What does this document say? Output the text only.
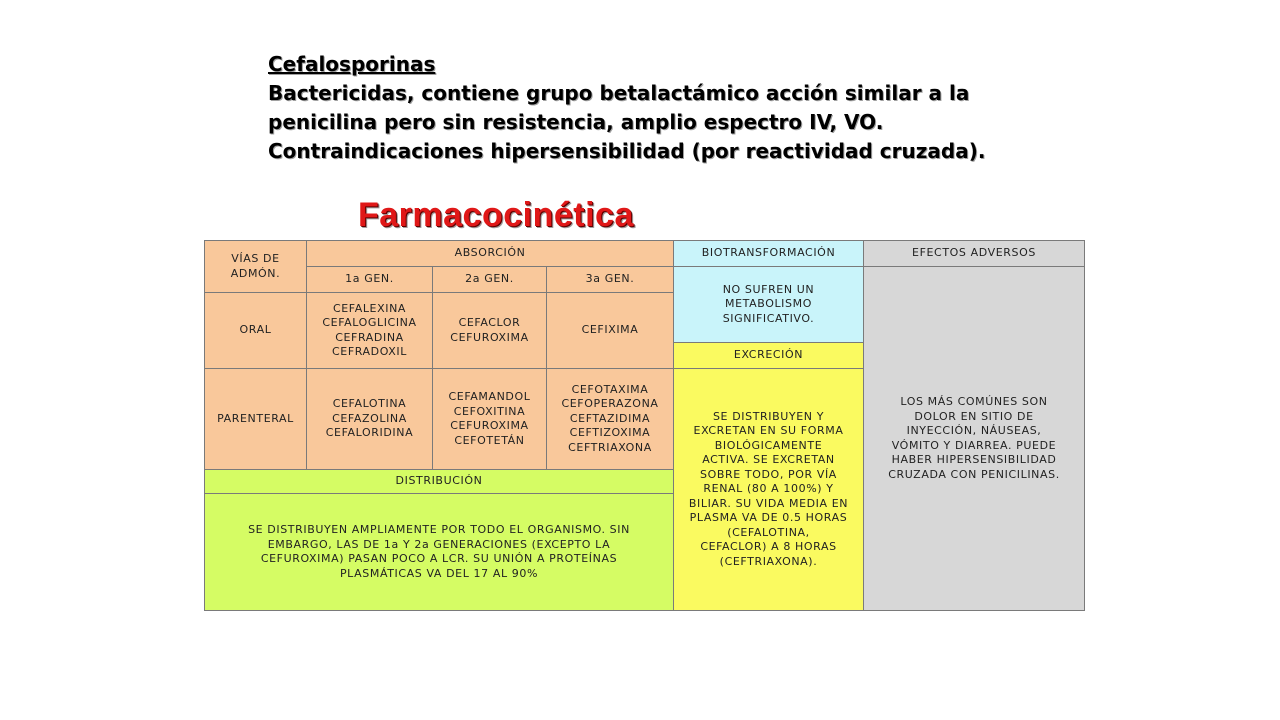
Cefalosporinas
Bactericidas, contiene grupo betalactámico acción similar a la
penicilina pero sin resistencia, amplio espectro IV, VO.
Contraindicaciones hipersensibilidad (por reactividad cruzada).
Farmacocinética
VÍAS DE
ADMÓN.
ORAL
PARENTERAL
ABSORCIÓN
1a GEN.	2a GEN.	3a GEN.
CEFALEXINA
CEFALOGLICINA
CEFRADINA
CEFRADOXIL
CEFACLOR
CEFUROXIMA
CEFIXIMA
CEFALOTINA
CEFAZOLINA
CEFALORIDINA
CEFAMANDOL
CEFOXITINA
CEFUROXIMA
CEFOTETÁN
CEFOTAXIMA
CEFOPERAZONA
CEFTAZIDIMA
CEFTIZOXIMA
CEFTRIAXONA
DISTRIBUCIÓN
SE DISTRIBUYEN AMPLIAMENTE POR TODO EL ORGANISMO. SIN
EMBARGO, LAS DE 1a Y 2a GENERACIONES (EXCEPTO LA
CEFUROXIMA) PASAN POCO A LCR. SU UNIÓN A PROTEÍNAS
PLASMÁTICAS VA DEL 17 AL 90%
BIOTRANSFORMACIÓN
NO SUFREN UN
METABOLISMO
SIGNIFICATIVO.
EXCRECIÓN
SE DISTRIBUYEN Y
EXCRETAN EN SU FORMA
BIOLÓGICAMENTE
ACTIVA. SE EXCRETAN
SOBRE TODO, POR VÍA
RENAL (80 A 100%) Y
BILIAR. SU VIDA MEDIA EN
PLASMA VA DE 0.5 HORAS
(CEFALOTINA,
CEFACLOR) A 8 HORAS
(CEFTRIAXONA).
EFECTOS ADVERSOS
LOS MÁS COMÚNES SON
DOLOR EN SITIO DE
INYECCIÓN, NÁUSEAS,
VÓMITO Y DIARREA. PUEDE
HABER HIPERSENSIBILIDAD
CRUZADA CON PENICILINAS.
